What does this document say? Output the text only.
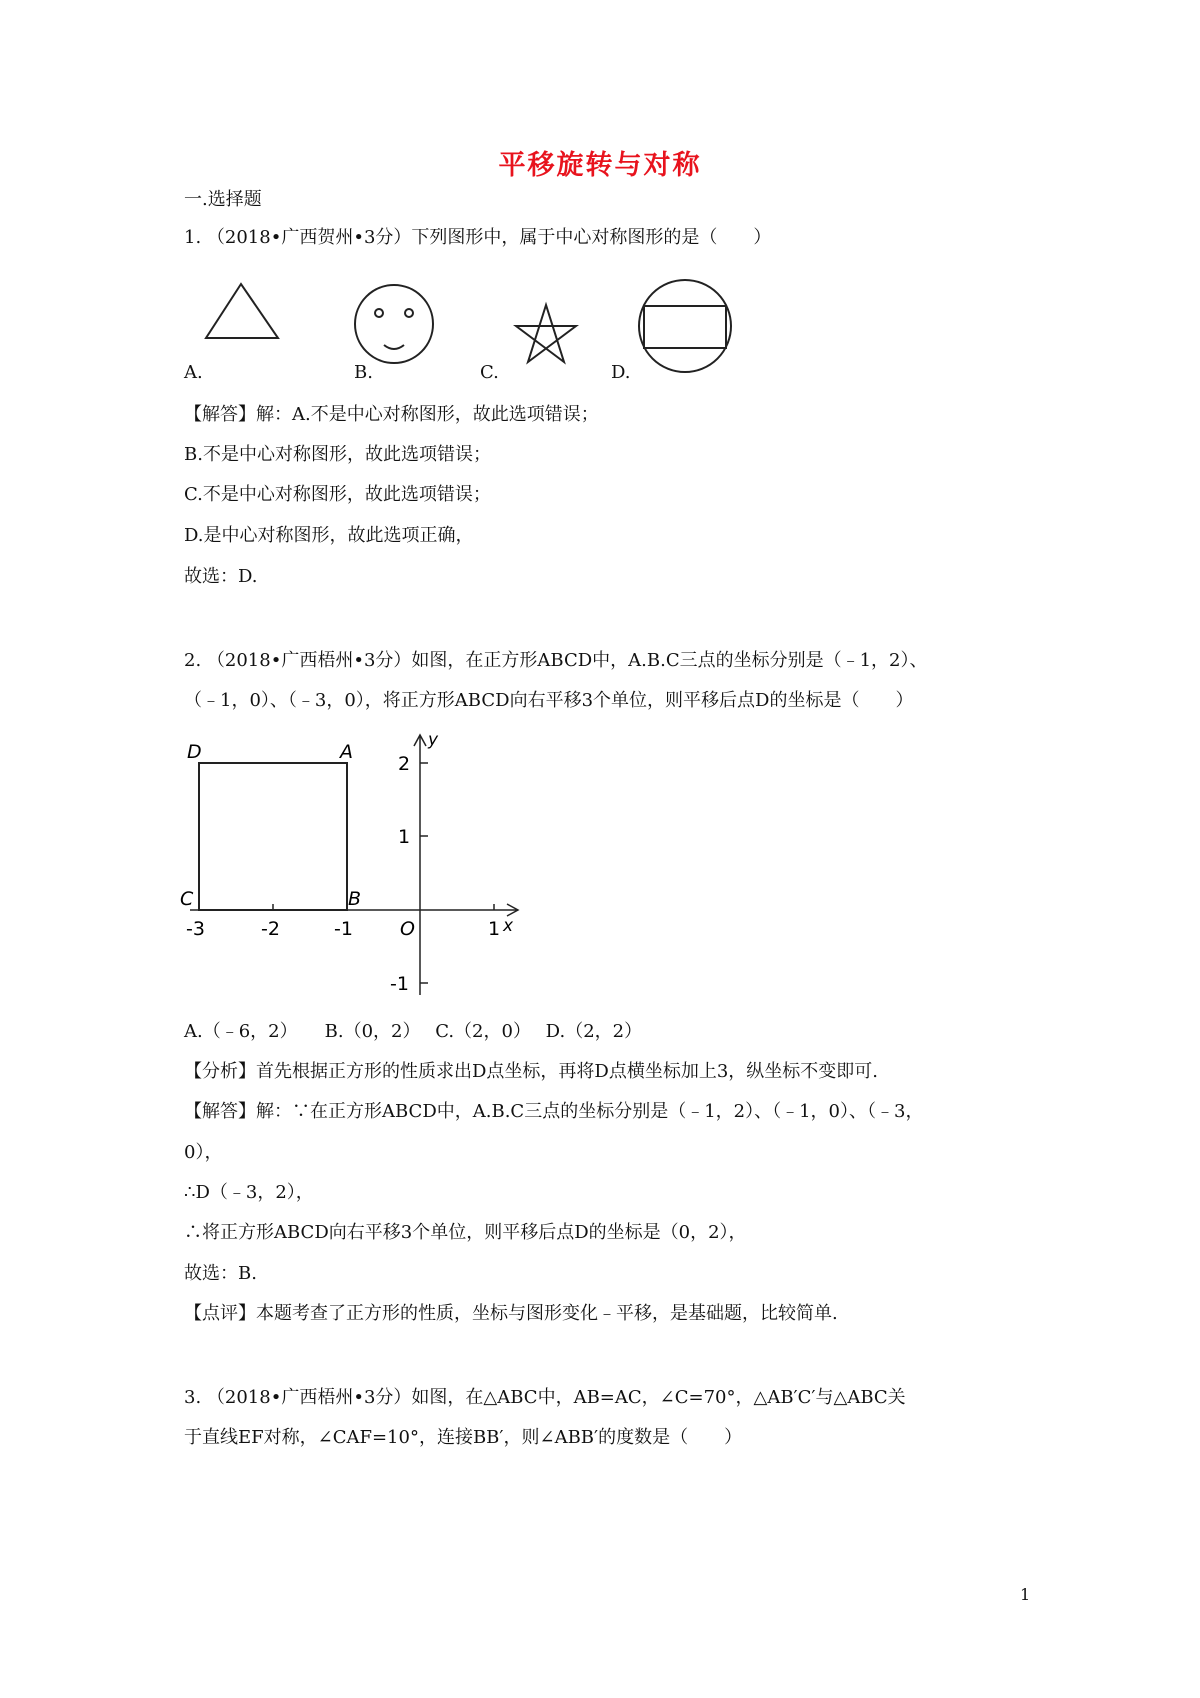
平移旋转与对称
一.选择题
1. （2018•广西贺州•3分）下列图形中，属于中心对称图形的是（　　）
A.	B.	C.	D.
【解答】解：A.不是中心对称图形，故此选项错误；
B.不是中心对称图形，故此选项错误；
C.不是中心对称图形，故此选项错误；
D.是中心对称图形，故此选项正确，
故选：D.
2. （2018•广西梧州•3分）如图，在正方形ABCD中，A.B.C三点的坐标分别是（﹣1，2）、
（﹣1，0）、（﹣3，0），将正方形ABCD向右平移3个单位，则平移后点D的坐标是（　　）
D	A
C	B
-3	-2	-1	1
2
1
-1
O	x
y
A.（﹣6，2）　　B.（0，2）　 C.（2，0）　 D.（2，2）
【分析】首先根据正方形的性质求出D点坐标，再将D点横坐标加上3，纵坐标不变即可.
【解答】解：∵在正方形ABCD中，A.B.C三点的坐标分别是（﹣1，2）、（﹣1，0）、（﹣3，
0），
∴D（﹣3，2），
∴将正方形ABCD向右平移3个单位，则平移后点D的坐标是（0，2），
故选：B.
【点评】本题考查了正方形的性质，坐标与图形变化﹣平移，是基础题，比较简单.
3. （2018•广西梧州•3分）如图，在△ABC中，AB=AC，∠C=70°，△AB′C′与△ABC关
于直线EF对称，∠CAF=10°，连接BB′，则∠ABB′的度数是（　　）
1
